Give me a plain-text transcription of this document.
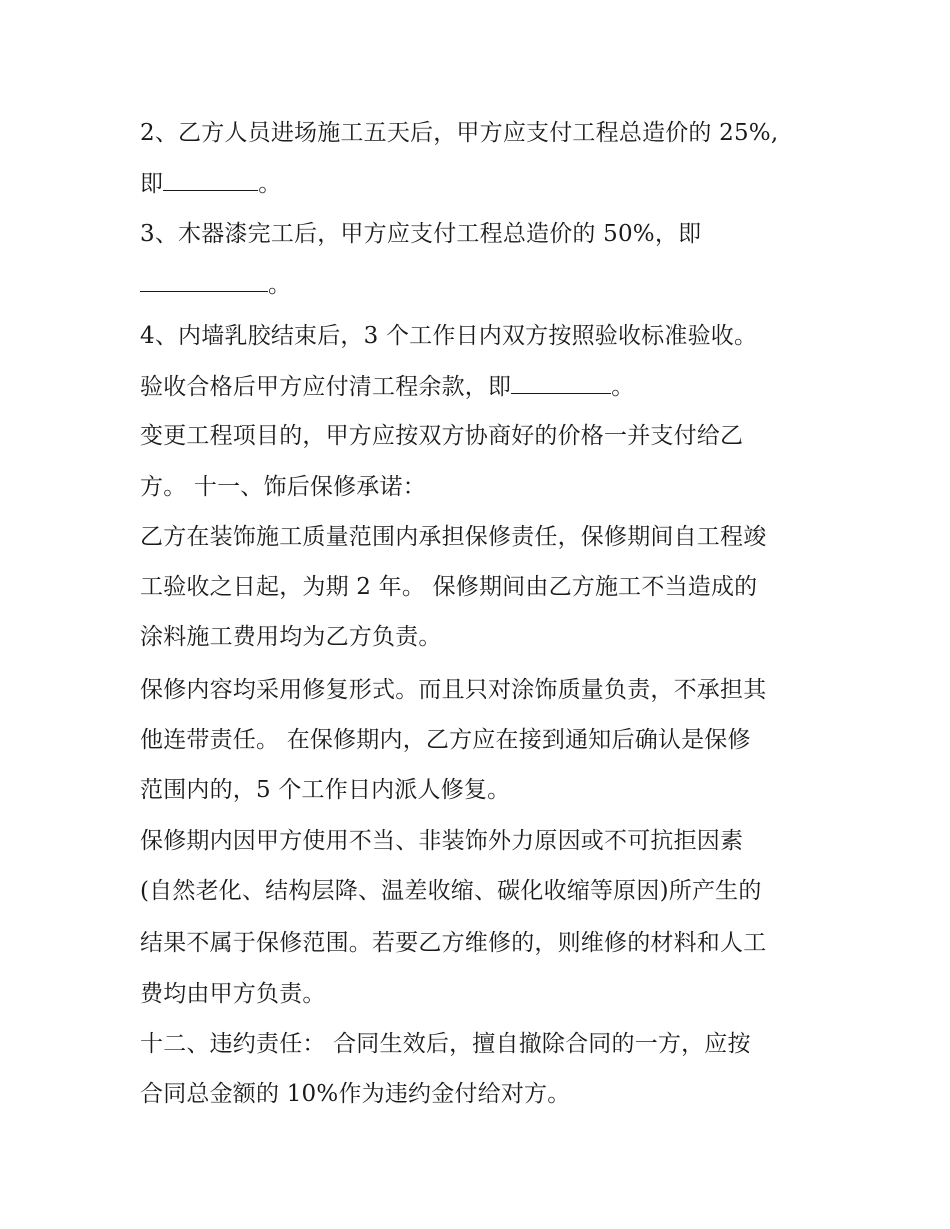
2、乙方人员进场施工五天后，甲方应支付工程总造价的 25%,
即	。
3、木器漆完工后，甲方应支付工程总造价的 50%，即
。
4、内墙乳胶结束后，3 个工作日内双方按照验收标准验收。
验收合格后甲方应付清工程余款，即	。
变更工程项目的，甲方应按双方协商好的价格一并支付给乙
方。 十一、饰后保修承诺：
乙方在装饰施工质量范围内承担保修责任，保修期间自工程竣
工验收之日起，为期 2 年。 保修期间由乙方施工不当造成的
涂料施工费用均为乙方负责。
保修内容均采用修复形式。而且只对涂饰质量负责，不承担其
他连带责任。 在保修期内，乙方应在接到通知后确认是保修
范围内的，5 个工作日内派人修复。
保修期内因甲方使用不当、非装饰外力原因或不可抗拒因素
(自然老化、结构层降、温差收缩、碳化收缩等原因)所产生的
结果不属于保修范围。若要乙方维修的，则维修的材料和人工
费均由甲方负责。
十二、违约责任： 合同生效后，擅自撤除合同的一方，应按
合同总金额的 10%作为违约金付给对方。
